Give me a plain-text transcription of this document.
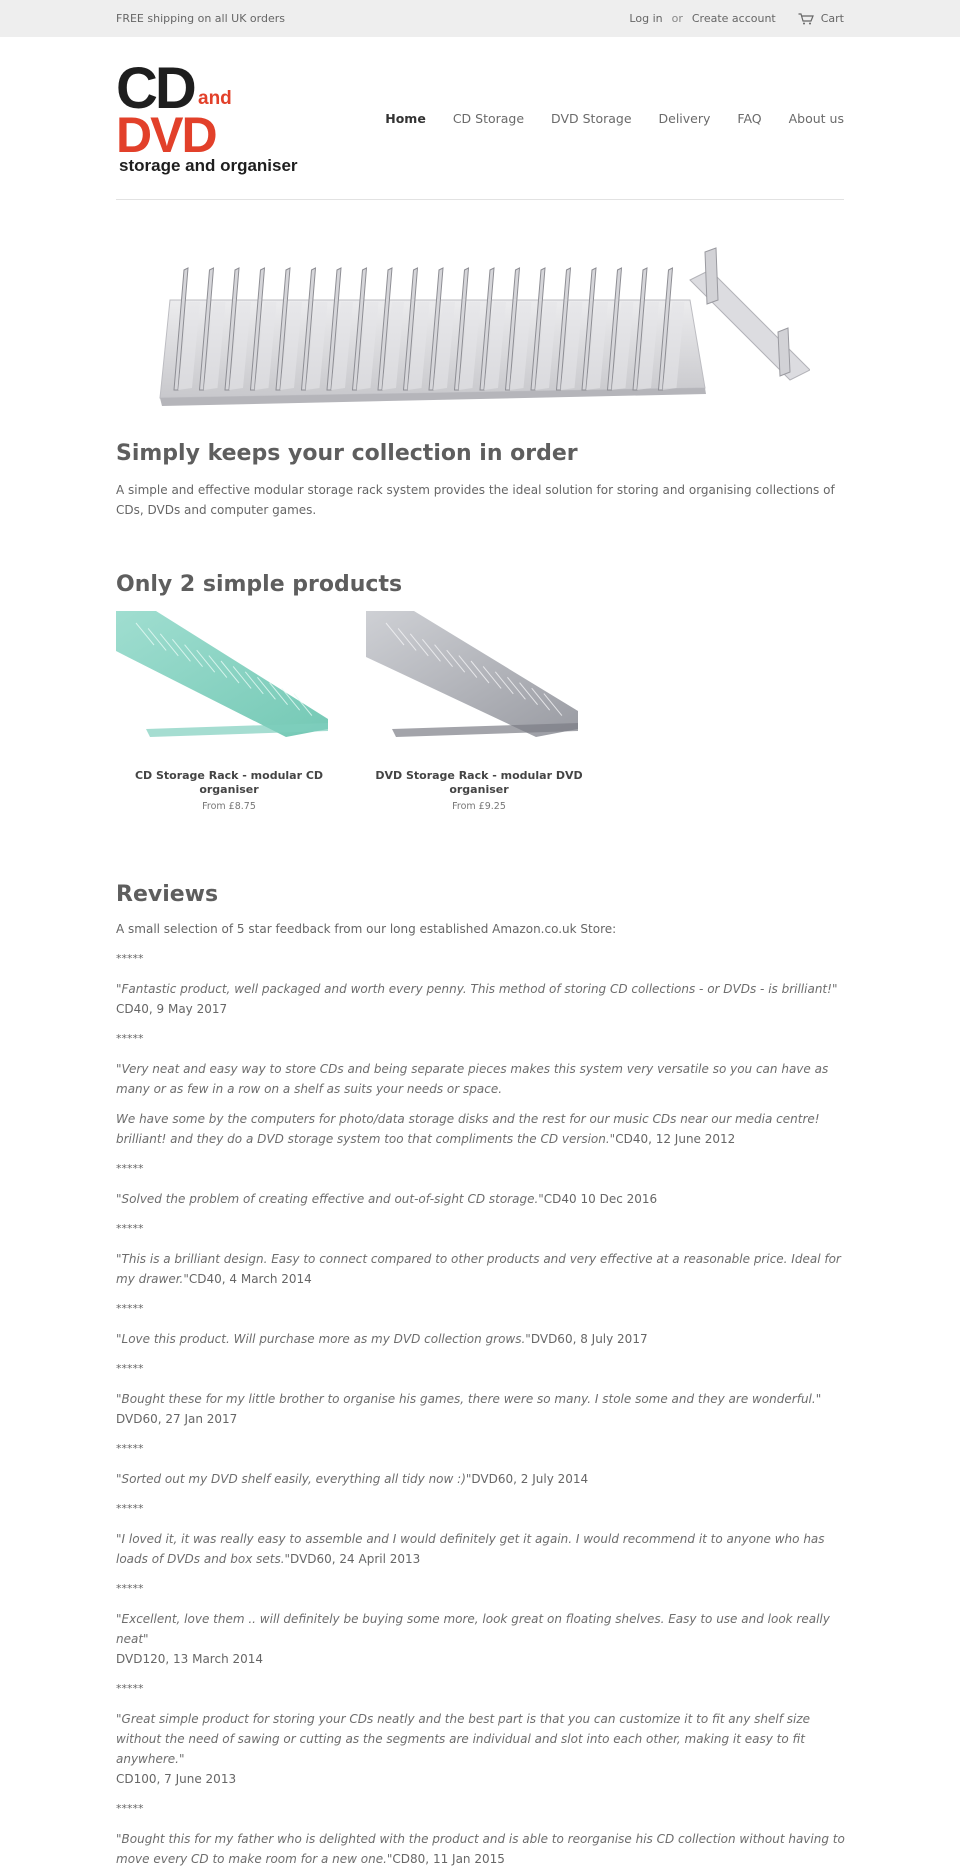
FREE shipping on all UK orders	Log in or Create account	Cart
CD and
DVD
storage and organiser
Home CD Storage DVD Storage Delivery FAQ About us
Simply keeps your collection in order

A simple and effective modular storage rack system provides the ideal solution for storing and organising collections of CDs, DVDs and computer games.

Only 2 simple products
CD Storage Rack - modular CD organiser
From £8.75
DVD Storage Rack - modular DVD organiser
From £9.25
Reviews
A small selection of 5 star feedback from our long established Amazon.co.uk Store:
*****
"Fantastic product, well packaged and worth every penny. This method of storing CD collections - or DVDs - is brilliant!"
CD40, 9 May 2017
*****
"Very neat and easy way to store CDs and being separate pieces makes this system very versatile so you can have as many or as few in a row on a shelf as suits your needs or space.
We have some by the computers for photo/data storage disks and the rest for our music CDs near our media centre! brilliant! and they do a DVD storage system too that compliments the CD version."CD40, 12 June 2012
*****
"Solved the problem of creating effective and out-of-sight CD storage."CD40 10 Dec 2016
*****
"This is a brilliant design. Easy to connect compared to other products and very effective at a reasonable price. Ideal for my drawer."CD40, 4 March 2014
*****
"Love this product. Will purchase more as my DVD collection grows."DVD60, 8 July 2017
*****
"Bought these for my little brother to organise his games, there were so many. I stole some and they are wonderful."
DVD60, 27 Jan 2017
*****
"Sorted out my DVD shelf easily, everything all tidy now :)"DVD60, 2 July 2014
*****
"I loved it, it was really easy to assemble and I would definitely get it again. I would recommend it to anyone who has loads of DVDs and box sets."DVD60, 24 April 2013
*****
"Excellent, love them .. will definitely be buying some more, look great on floating shelves. Easy to use and look really neat"
DVD120, 13 March 2014
*****
"Great simple product for storing your CDs neatly and the best part is that you can customize it to fit any shelf size without the need of sawing or cutting as the segments are individual and slot into each other, making it easy to fit anywhere."
CD100, 7 June 2013
*****
"Bought this for my father who is delighted with the product and is able to reorganise his CD collection without having to move every CD to make room for a new one."CD80, 11 Jan 2015
